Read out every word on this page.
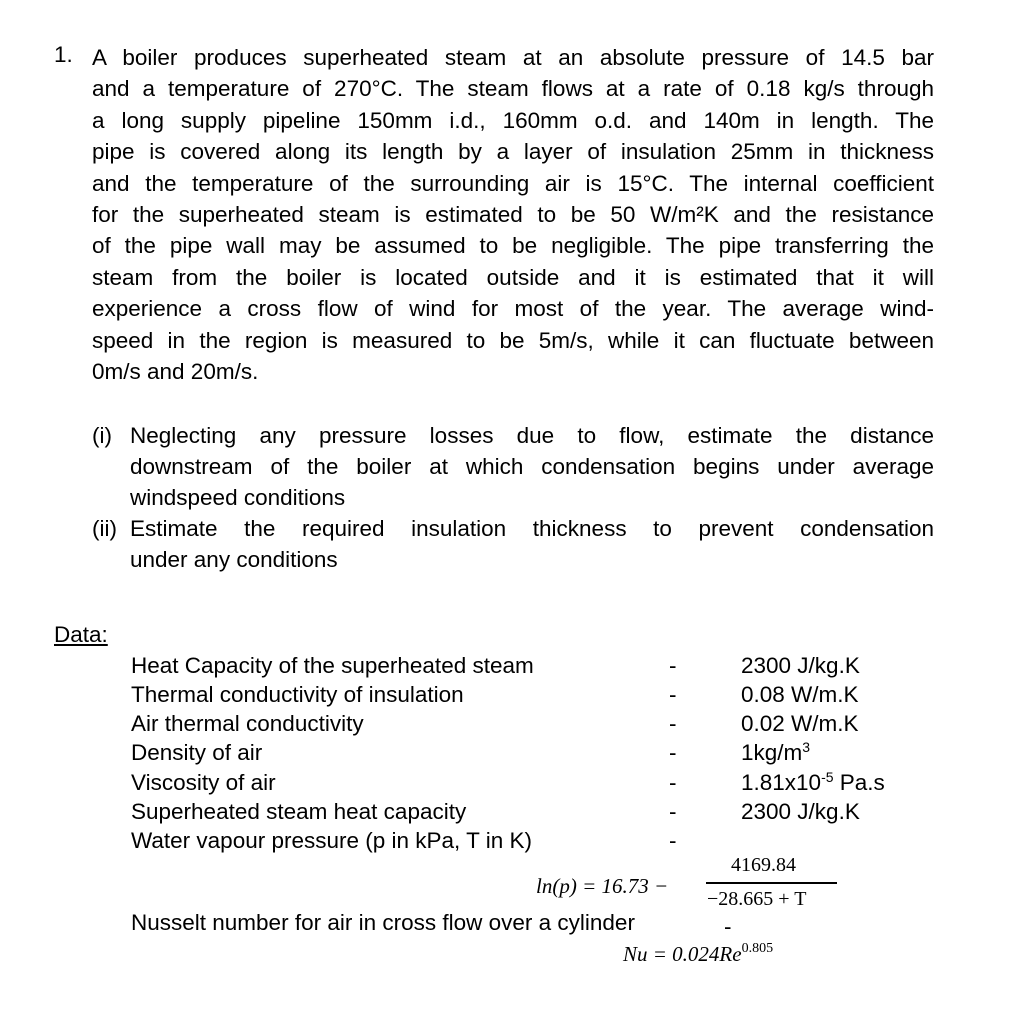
1. A boiler produces superheated steam at an absolute pressure of 14.5 bar
and a temperature of 270°C. The steam flows at a rate of 0.18 kg/s through
a long supply pipeline 150mm i.d., 160mm o.d. and 140m in length. The
pipe is covered along its length by a layer of insulation 25mm in thickness
and the temperature of the surrounding air is 15°C. The internal coefficient
for the superheated steam is estimated to be 50 W/m²K and the resistance
of the pipe wall may be assumed to be negligible. The pipe transferring the
steam from the boiler is located outside and it is estimated that it will
experience a cross flow of wind for most of the year. The average wind-
speed in the region is measured to be 5m/s, while it can fluctuate between
0m/s and 20m/s.
(i) Neglecting any pressure losses due to flow, estimate the distance
downstream of the boiler at which condensation begins under average
windspeed conditions
(ii) Estimate the required insulation thickness to prevent condensation
under any conditions
Data:
Heat Capacity of the superheated steam	-	2300 J/kg.K
Thermal conductivity of insulation	-	0.08 W/m.K
Air thermal conductivity	-	0.02 W/m.K
Density of air	-	$1kg/m^3$
Viscosity of air	-	$1.81x10^{-5}$ Pa.s
Superheated steam heat capacity	-	2300 J/kg.K
Water vapour pressure (p in kPa, T in K)	-
ln(p) = 16.73 −
4169.84
−28.665 + T
Nusselt number for air in cross flow over a cylinder	-
$Nu = 0.024Re^{0.805}$
